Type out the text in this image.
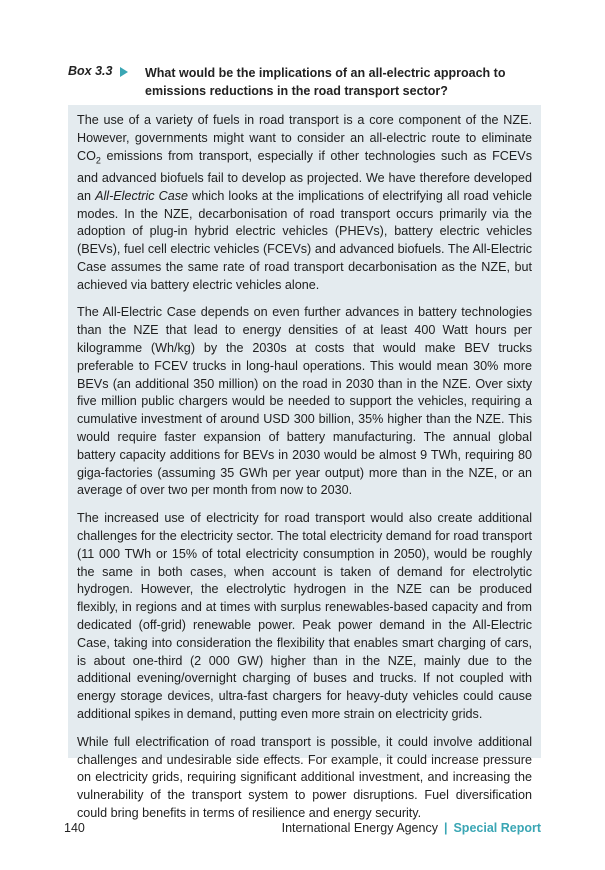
Box 3.3	What would be the implications of an all-electric approach to emissions reductions in the road transport sector?

The use of a variety of fuels in road transport is a core component of the NZE. However, governments might want to consider an all-electric route to eliminate $CO_2$ emissions from transport, especially if other technologies such as FCEVs and advanced biofuels fail to develop as projected. We have therefore developed an All-Electric Case which looks at the implications of electrifying all road vehicle modes. In the NZE, decarbonisation of road transport occurs primarily via the adoption of plug-in hybrid electric vehicles (PHEVs), battery electric vehicles (BEVs), fuel cell electric vehicles (FCEVs) and advanced biofuels. The All-Electric Case assumes the same rate of road transport decarbonisation as the NZE, but achieved via battery electric vehicles alone.

The All-Electric Case depends on even further advances in battery technologies than the NZE that lead to energy densities of at least 400 Watt hours per kilogramme (Wh/kg) by the 2030s at costs that would make BEV trucks preferable to FCEV trucks in long-haul operations. This would mean 30% more BEVs (an additional 350 million) on the road in 2030 than in the NZE. Over sixty five million public chargers would be needed to support the vehicles, requiring a cumulative investment of around USD 300 billion, 35% higher than the NZE. This would require faster expansion of battery manufacturing. The annual global battery capacity additions for BEVs in 2030 would be almost 9 TWh, requiring 80 giga-factories (assuming 35 GWh per year output) more than in the NZE, or an average of over two per month from now to 2030.

The increased use of electricity for road transport would also create additional challenges for the electricity sector. The total electricity demand for road transport (11 000 TWh or 15% of total electricity consumption in 2050), would be roughly the same in both cases, when account is taken of demand for electrolytic hydrogen. However, the electrolytic hydrogen in the NZE can be produced flexibly, in regions and at times with surplus renewables-based capacity and from dedicated (off-grid) renewable power. Peak power demand in the All-Electric Case, taking into consideration the flexibility that enables smart charging of cars, is about one-third (2 000 GW) higher than in the NZE, mainly due to the additional evening/overnight charging of buses and trucks. If not coupled with energy storage devices, ultra-fast chargers for heavy-duty vehicles could cause additional spikes in demand, putting even more strain on electricity grids.

While full electrification of road transport is possible, it could involve additional challenges and undesirable side effects. For example, it could increase pressure on electricity grids, requiring significant additional investment, and increasing the vulnerability of the transport system to power disruptions. Fuel diversification could bring benefits in terms of resilience and energy security.

140	International Energy Agency | Special Report
